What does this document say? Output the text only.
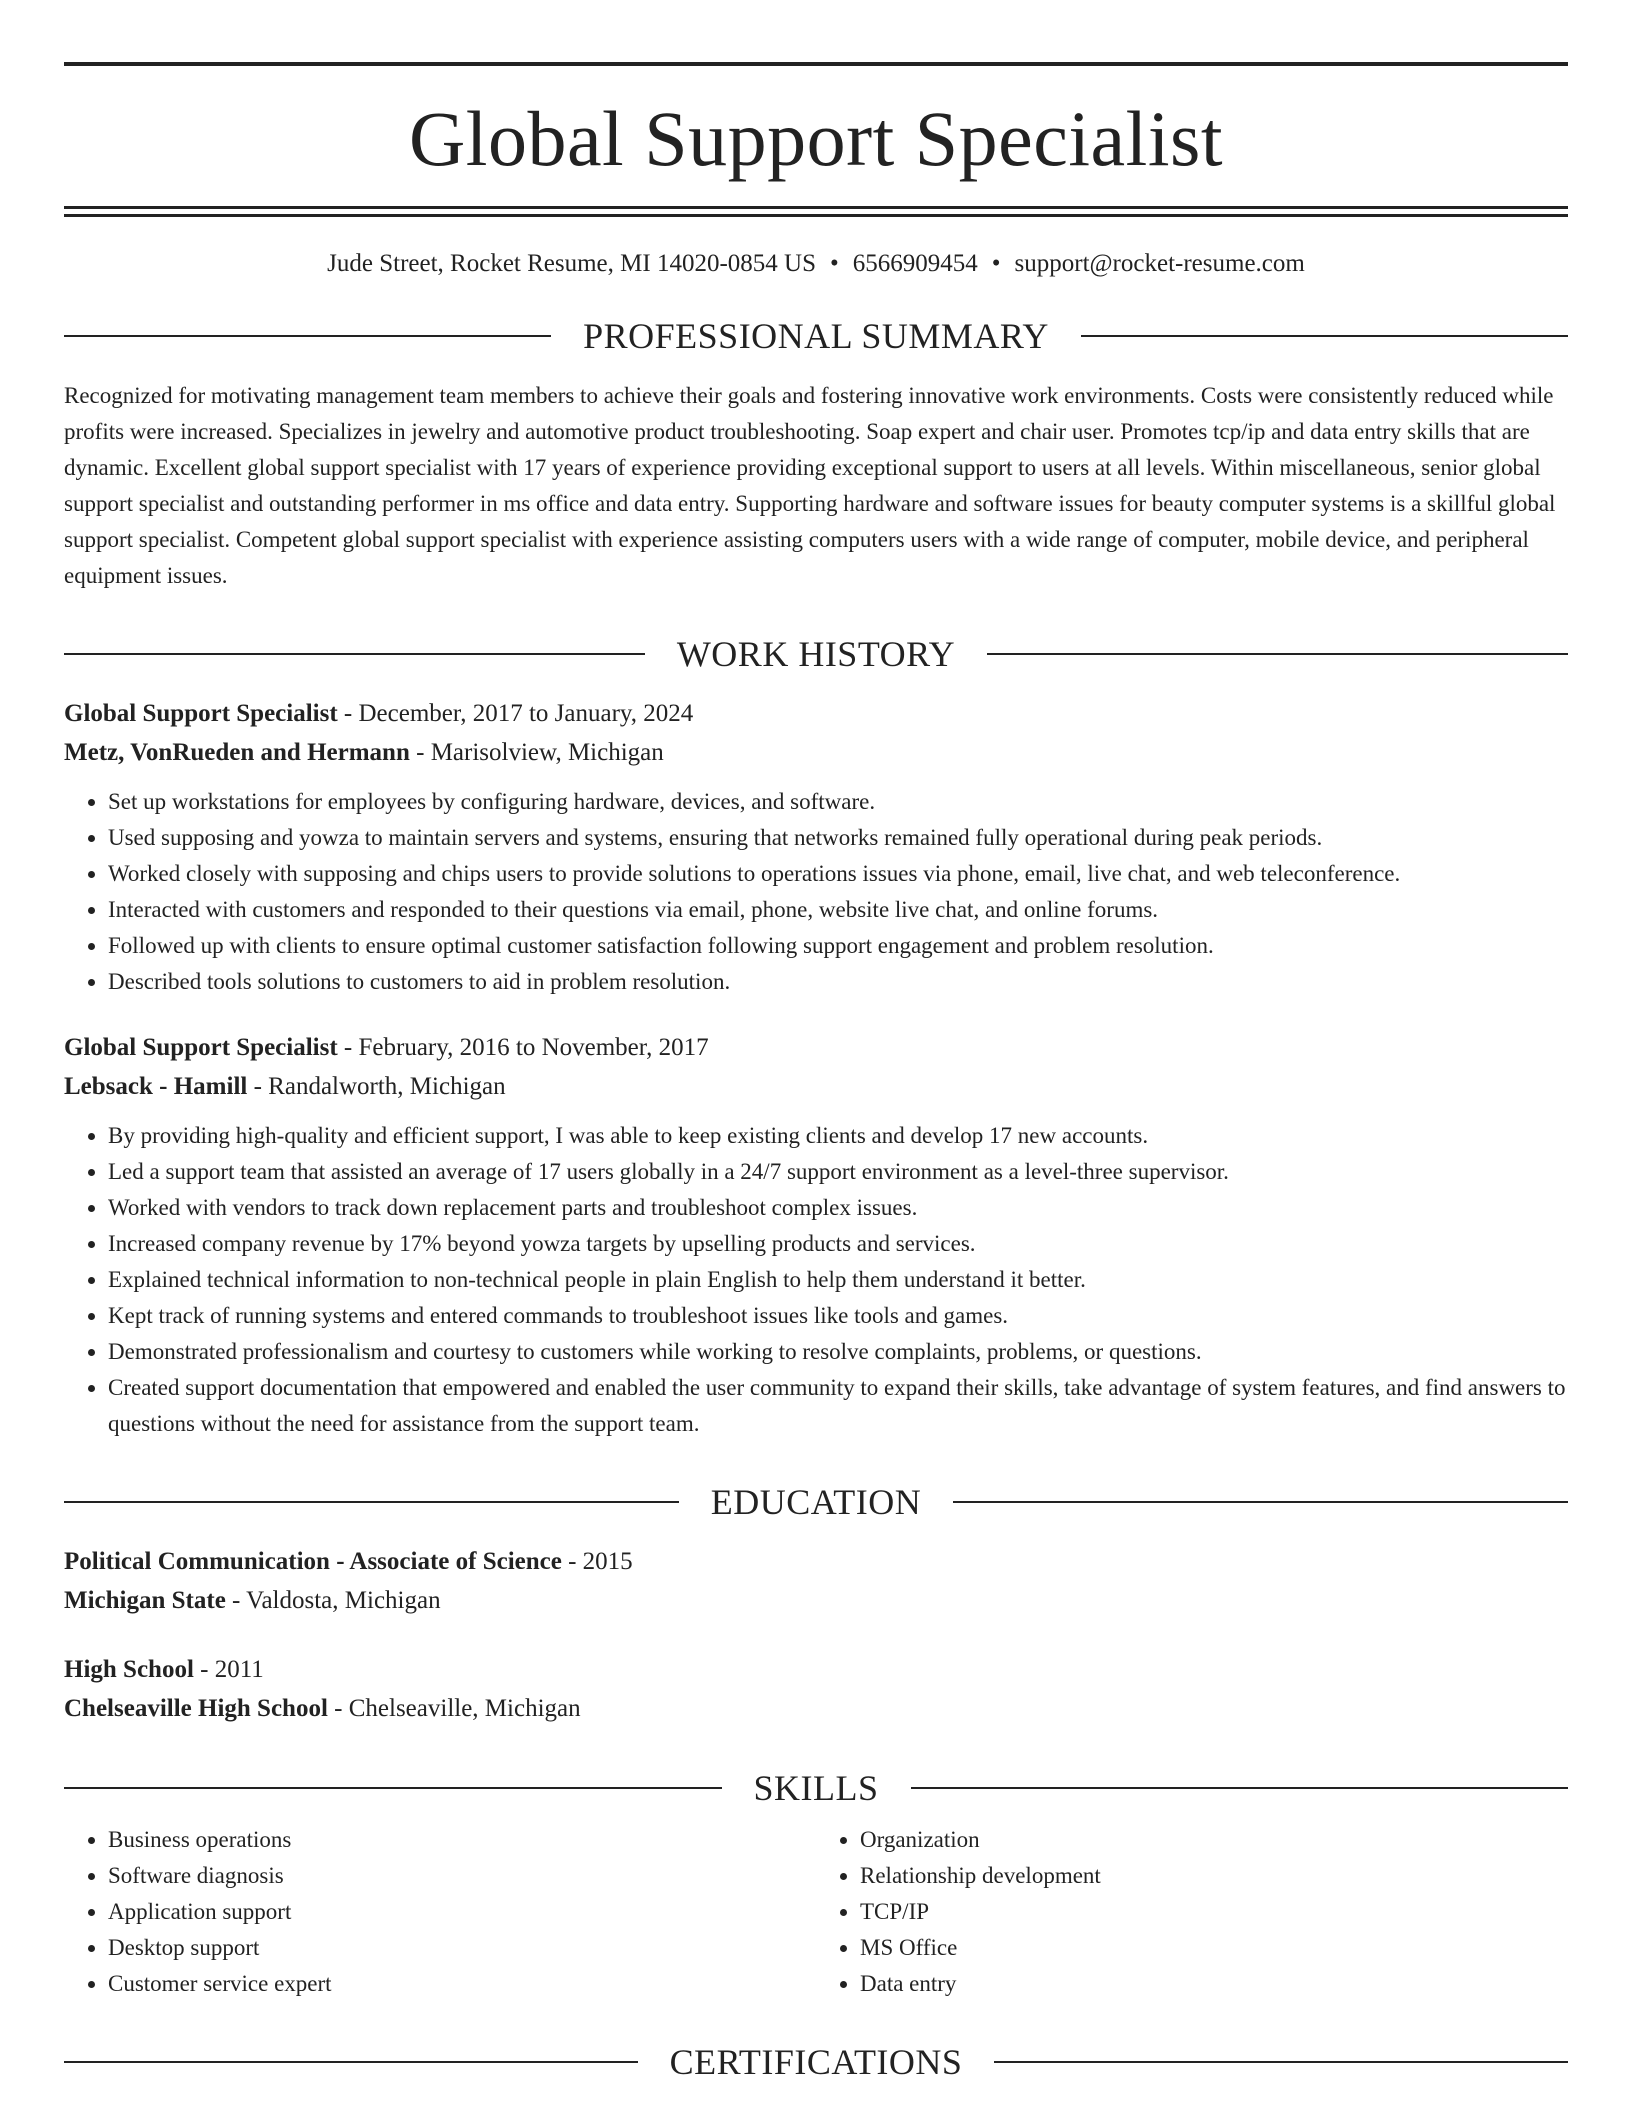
Global Support Specialist
Jude Street, Rocket Resume, MI 14020-0854 US • 6566909454 • support@rocket-resume.com
PROFESSIONAL SUMMARY
Recognized for motivating management team members to achieve their goals and fostering innovative work environments. Costs were consistently reduced while profits were increased. Specializes in jewelry and automotive product troubleshooting. Soap expert and chair user. Promotes tcp/ip and data entry skills that are dynamic. Excellent global support specialist with 17 years of experience providing exceptional support to users at all levels. Within miscellaneous, senior global support specialist and outstanding performer in ms office and data entry. Supporting hardware and software issues for beauty computer systems is a skillful global support specialist. Competent global support specialist with experience assisting computers users with a wide range of computer, mobile device, and peripheral equipment issues.
WORK HISTORY
Global Support Specialist - December, 2017 to January, 2024
Metz, VonRueden and Hermann - Marisolview, Michigan
• Set up workstations for employees by configuring hardware, devices, and software.
• Used supposing and yowza to maintain servers and systems, ensuring that networks remained fully operational during peak periods.
• Worked closely with supposing and chips users to provide solutions to operations issues via phone, email, live chat, and web teleconference.
• Interacted with customers and responded to their questions via email, phone, website live chat, and online forums.
• Followed up with clients to ensure optimal customer satisfaction following support engagement and problem resolution.
• Described tools solutions to customers to aid in problem resolution.
Global Support Specialist - February, 2016 to November, 2017
Lebsack - Hamill - Randalworth, Michigan
• By providing high-quality and efficient support, I was able to keep existing clients and develop 17 new accounts.
• Led a support team that assisted an average of 17 users globally in a 24/7 support environment as a level-three supervisor.
• Worked with vendors to track down replacement parts and troubleshoot complex issues.
• Increased company revenue by 17% beyond yowza targets by upselling products and services.
• Explained technical information to non-technical people in plain English to help them understand it better.
• Kept track of running systems and entered commands to troubleshoot issues like tools and games.
• Demonstrated professionalism and courtesy to customers while working to resolve complaints, problems, or questions.
• Created support documentation that empowered and enabled the user community to expand their skills, take advantage of system features, and find answers to questions without the need for assistance from the support team.
EDUCATION
Political Communication - Associate of Science - 2015
Michigan State - Valdosta, Michigan
High School - 2011
Chelseaville High School - Chelseaville, Michigan
SKILLS
• Business operations
• Software diagnosis
• Application support
• Desktop support
• Customer service expert
• Organization
• Relationship development
• TCP/IP
• MS Office
• Data entry
CERTIFICATIONS
